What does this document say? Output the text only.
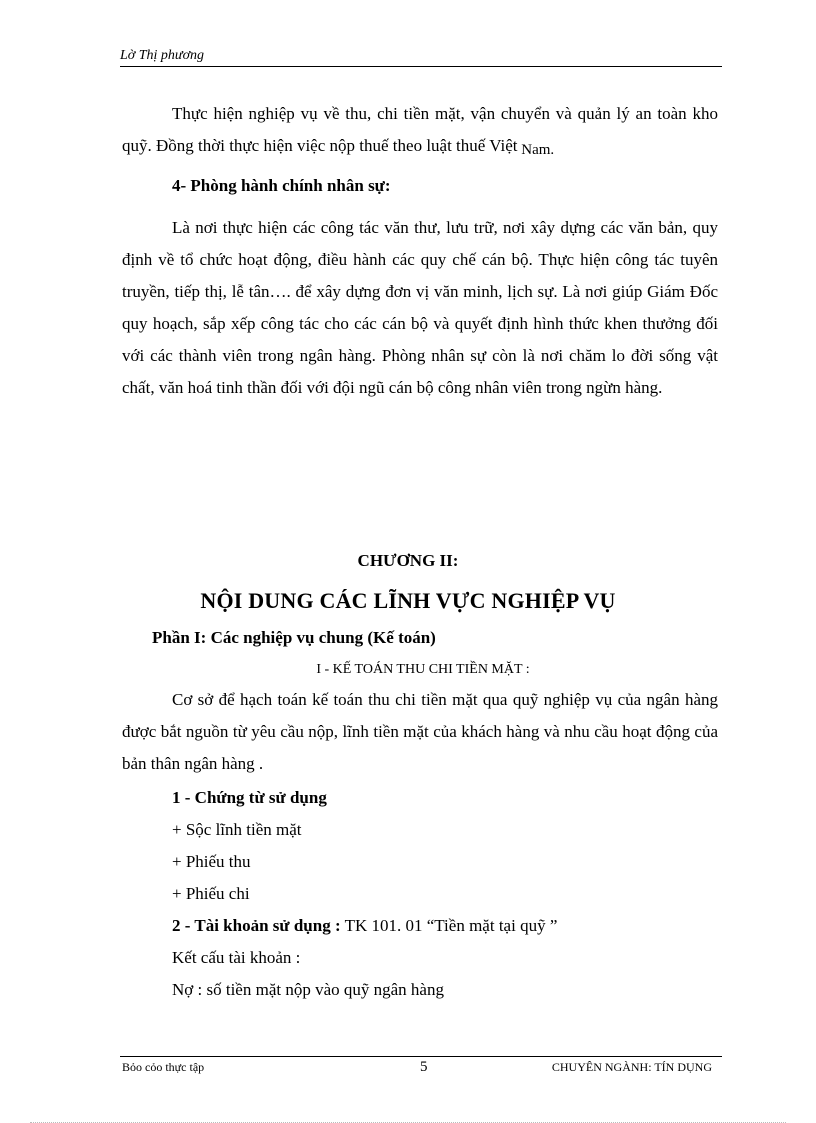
Lờ Thị phương
Thực hiện nghiệp vụ về thu, chi tiền mặt, vận chuyển và quản lý an toàn kho quỹ. Đồng thời thực hiện việc nộp thuế theo luật thuế Việt Nam.
4- Phòng hành chính nhân sự:
Là nơi thực hiện các công tác văn thư, lưu trữ, nơi xây dựng các văn bản, quy định về tổ chức hoạt động, điều hành các quy chế cán bộ. Thực hiện công tác tuyên truyền, tiếp thị, lễ tân…. để xây dựng đơn vị văn minh, lịch sự. Là nơi giúp Giám Đốc quy hoạch, sắp xếp công tác cho các cán bộ và quyết định hình thức khen thưởng đối với các thành viên trong ngân hàng. Phòng nhân sự còn là nơi chăm lo đời sống vật chất, văn hoá tinh thần đối với đội ngũ cán bộ công nhân viên trong ngừn hàng.
CHƯƠNG II:
NỘI DUNG CÁC LĨNH VỰC NGHIỆP VỤ
Phần I: Các nghiệp vụ chung (Kế toán)
I - KẾ TOÁN THU CHI TIỀN MẶT :
Cơ sở để hạch toán kế toán thu chi tiền mặt qua quỹ nghiệp vụ của ngân hàng được bắt nguồn từ yêu cầu nộp, lĩnh tiền mặt của khách hàng và nhu cầu hoạt động của bản thân ngân hàng .
1 - Chứng từ sử dụng
+ Sộc lĩnh tiền mặt
+ Phiếu thu
+ Phiếu chi
2 - Tài khoản sử dụng : TK 101. 01 “Tiền mặt tại quỹ ”
Kết cấu tài khoản :
Nợ : số tiền mặt nộp vào quỹ ngân hàng
Bỏo cỏo thực tập	5	CHUYÊN NGÀNH: TÍN DỤNG
